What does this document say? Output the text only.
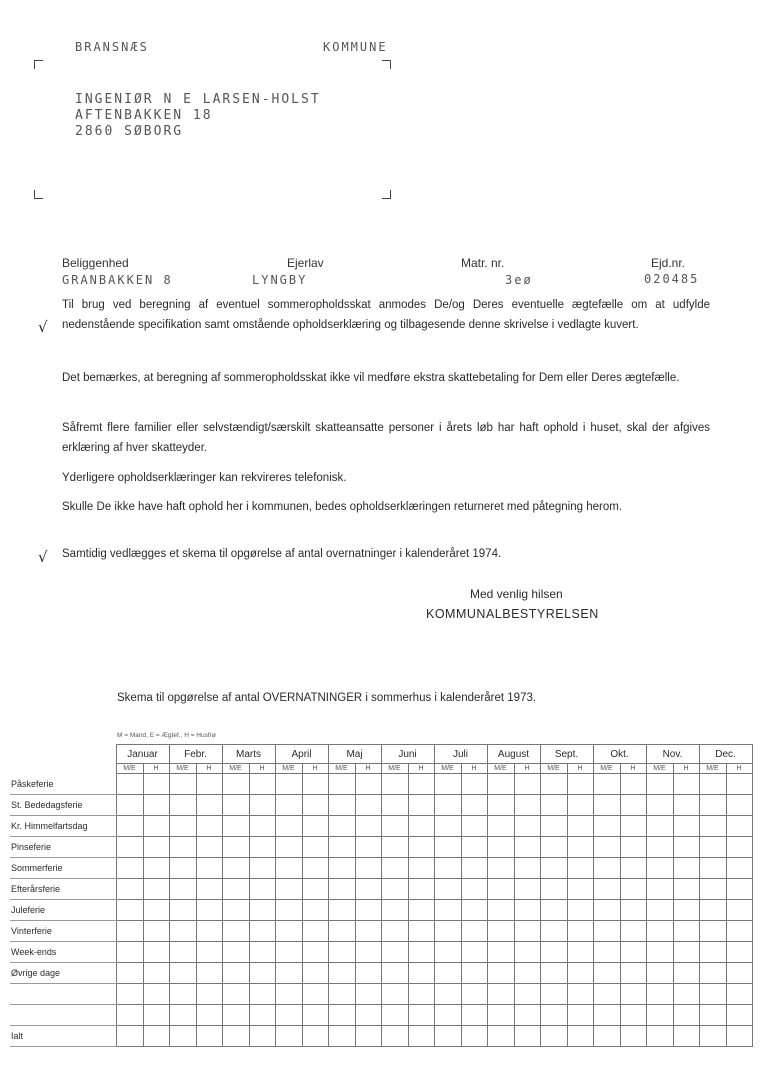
BRANSNÆS	KOMMUNE
INGENIØR N E LARSEN-HOLST
AFTENBAKKEN 18
2860 SØBORG
Beliggenhed
GRANBAKKEN 8
Ejerlav
LYNGBY
Matr. nr.
3eø
Ejd.nr.
020485
√
Til brug ved beregning af eventuel sommeropholdsskat anmodes De/og Deres eventuelle ægtefælle om at udfylde nedenstående specifikation samt omstående opholdserklæring og tilbagesende denne skrivelse i vedlagte kuvert.
Det bemærkes, at beregning af sommeropholdsskat ikke vil medføre ekstra skattebetaling for Dem eller Deres ægtefælle.
Såfremt flere familier eller selvstændigt/særskilt skatteansatte personer i årets løb har haft ophold i huset, skal der afgives erklæring af hver skatteyder.
Yderligere opholdserklæringer kan rekvireres telefonisk.
Skulle De ikke have haft ophold her i kommunen, bedes opholdserklæringen returneret med påtegning herom.
√ Samtidig vedlægges et skema til opgørelse af antal overnatninger i kalenderåret 1974.
Med venlig hilsen
KOMMUNALBESTYRELSEN
Skema til opgørelse af antal OVERNATNINGER i sommerhus i kalenderåret 1973.
M = Mand, E = Ægtef., H = Husfrø
	Januar		Febr.		Marts		April		Maj		Juni		Juli		August		Sept.		Okt.		Nov.		Dec.	
	M/E	H	M/E	H	M/E	H	M/E	H	M/E	H	M/E	H	M/E	H	M/E	H	M/E	H	M/E	H	M/E	H	M/E	H
Påskeferie																								
St. Bededagsferie																								
Kr. Himmelfartsdag																								
Pinseferie																								
Sommerferie																								
Efterårsferie																								
Juleferie																								
Vinterferie																								
Week-ends																								
Øvrige dage																								

Ialt																								
